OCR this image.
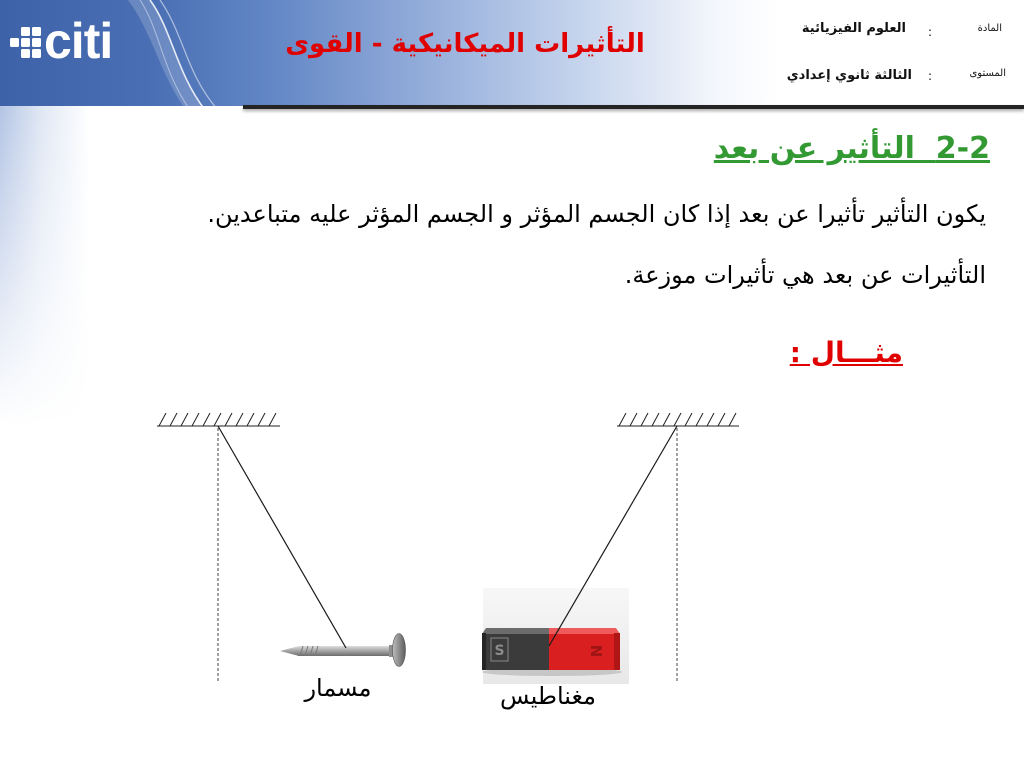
citi	التأثيرات الميكانيكية - القوى
المادة
:
العلوم الفيزيائية
المستوى
:
الثالثة ثانوي إعدادي
2-2  التأثير عن بعد
يكون التأثير تأثيرا عن بعد إذا كان الجسم المؤثر و الجسم المؤثر عليه متباعدين.
التأثيرات عن بعد هي تأثيرات موزعة.
مثـــال :
S	N
مسمار	مغناطيس
